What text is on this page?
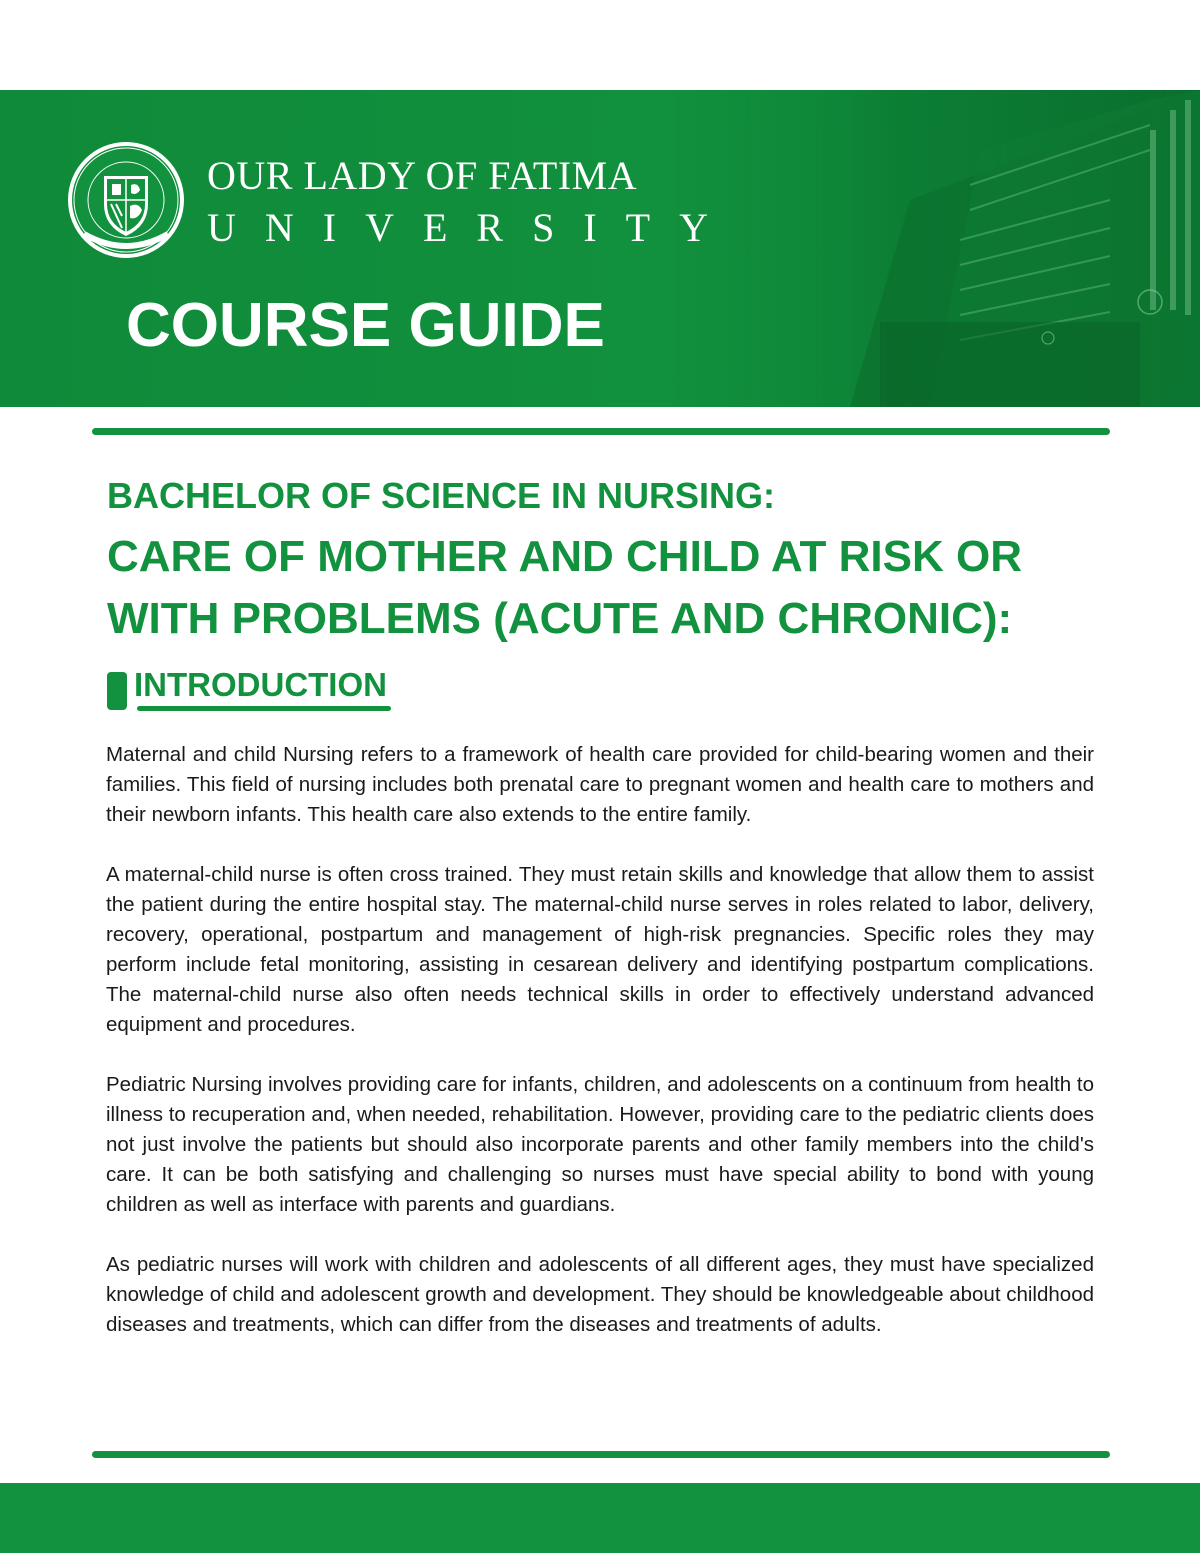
OUR LADY OF FATIMA
UNIVERSITY
COURSE GUIDE
BACHELOR OF SCIENCE IN NURSING:
CARE OF MOTHER AND CHILD AT RISK OR WITH PROBLEMS (ACUTE AND CHRONIC):
INTRODUCTION

Maternal and child Nursing refers to a framework of health care provided for child-bearing women and their families. This field of nursing includes both prenatal care to pregnant women and health care to mothers and their newborn infants. This health care also extends to the entire family.

A maternal-child nurse is often cross trained. They must retain skills and knowledge that allow them to assist the patient during the entire hospital stay. The maternal-child nurse serves in roles related to labor, delivery, recovery, operational, postpartum and management of high-risk pregnancies. Specific roles they may perform include fetal monitoring, assisting in cesarean delivery and identifying postpartum complications. The maternal-child nurse also often needs technical skills in order to effectively understand advanced equipment and procedures.

Pediatric Nursing involves providing care for infants, children, and adolescents on a continuum from health to illness to recuperation and, when needed, rehabilitation. However, providing care to the pediatric clients does not just involve the patients but should also incorporate parents and other family members into the child's care. It can be both satisfying and challenging so nurses must have special ability to bond with young children as well as interface with parents and guardians.

As pediatric nurses will work with children and adolescents of all different ages, they must have specialized knowledge of child and adolescent growth and development. They should be knowledgeable about childhood diseases and treatments, which can differ from the diseases and treatments of adults.
